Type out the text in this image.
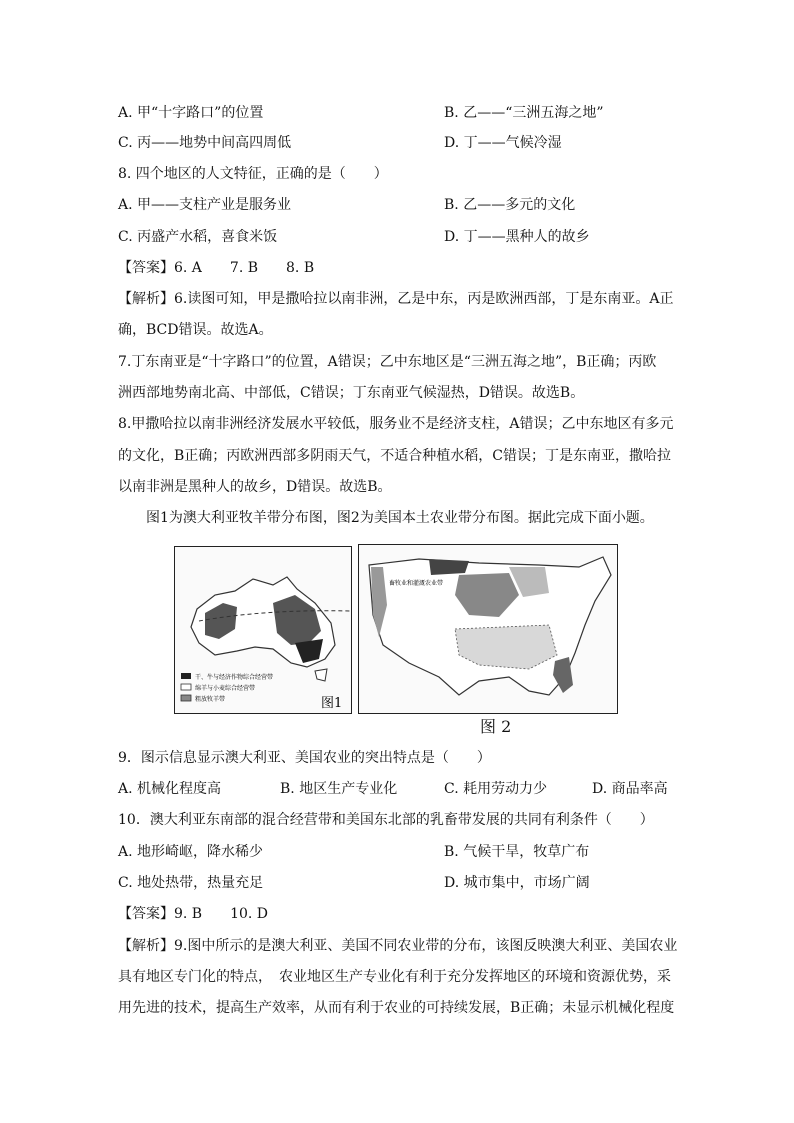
A. 甲“十字路口”的位置	B. 乙——“三洲五海之地”
C. 丙——地势中间高四周低	D. 丁——气候冷湿
8. 四个地区的人文特征，正确的是（　　）
A. 甲——支柱产业是服务业	B. 乙——多元的文化
C. 丙盛产水稻，喜食米饭	D. 丁——黑种人的故乡
【答案】6. A　　7. B　　8. B
【解析】6.读图可知，甲是撒哈拉以南非洲，乙是中东，丙是欧洲西部，丁是东南亚。A正
确，BCD错误。故选A。
7.丁东南亚是“十字路口”的位置，A错误；乙中东地区是“三洲五海之地”，B正确；丙欧
洲西部地势南北高、中部低，C错误；丁东南亚气候湿热，D错误。故选B。
8.甲撒哈拉以南非洲经济发展水平较低，服务业不是经济支柱，A错误；乙中东地区有多元
的文化，B正确；丙欧洲西部多阴雨天气，不适合种植水稻，C错误；丁是东南亚，撒哈拉
以南非洲是黑种人的故乡，D错误。故选B。
图1为澳大利亚牧羊带分布图，图2为美国本土农业带分布图。据此完成下面小题。
干、牛与经济作物综合经营带
绵羊与小麦综合经营带
粗放牧羊带	图1
畜牧业和灌溉农业带
图 2
9．图示信息显示澳大利亚、美国农业的突出特点是（　　）
A. 机械化程度高	B. 地区生产专业化	C. 耗用劳动力少	D. 商品率高
10．澳大利亚东南部的混合经营带和美国东北部的乳畜带发展的共同有利条件（　　）
A. 地形崎岖，降水稀少	B. 气候干旱，牧草广布
C. 地处热带，热量充足	D. 城市集中，市场广阔
【答案】9. B　　10. D
【解析】9.图中所示的是澳大利亚、美国不同农业带的分布，该图反映澳大利亚、美国农业
具有地区专门化的特点，　农业地区生产专业化有利于充分发挥地区的环境和资源优势，采
用先进的技术，提高生产效率，从而有利于农业的可持续发展，B正确；未显示机械化程度
